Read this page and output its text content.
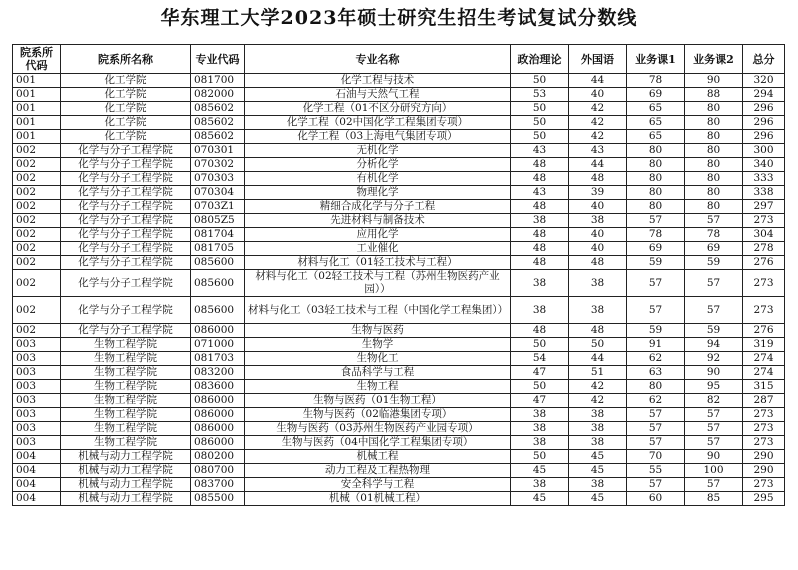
华东理工大学2023年硕士研究生招生考试复试分数线
院系所代码	院系所名称	专业代码	专业名称	政治理论	外国语	业务课1	业务课2	总分
001	化工学院	081700	化学工程与技术	50	44	78	90	320
001	化工学院	082000	石油与天然气工程	53	40	69	88	294
001	化工学院	085602	化学工程（01不区分研究方向）	50	42	65	80	296
001	化工学院	085602	化学工程（02中国化学工程集团专项）	50	42	65	80	296
001	化工学院	085602	化学工程（03上海电气集团专项）	50	42	65	80	296
002	化学与分子工程学院	070301	无机化学	43	43	80	80	300
002	化学与分子工程学院	070302	分析化学	48	44	80	80	340
002	化学与分子工程学院	070303	有机化学	48	48	80	80	333
002	化学与分子工程学院	070304	物理化学	43	39	80	80	338
002	化学与分子工程学院	0703Z1	精细合成化学与分子工程	48	40	80	80	297
002	化学与分子工程学院	0805Z5	先进材料与制备技术	38	38	57	57	273
002	化学与分子工程学院	081704	应用化学	48	40	78	78	304
002	化学与分子工程学院	081705	工业催化	48	40	69	69	278
002	化学与分子工程学院	085600	材料与化工（01轻工技术与工程）	48	48	59	59	276
002	化学与分子工程学院	085600	材料与化工（02轻工技术与工程（苏州生物医药产业园））	38	38	57	57	273
002	化学与分子工程学院	085600	材料与化工（03轻工技术与工程（中国化学工程集团））	38	38	57	57	273
002	化学与分子工程学院	086000	生物与医药	48	48	59	59	276
003	生物工程学院	071000	生物学	50	50	91	94	319
003	生物工程学院	081703	生物化工	54	44	62	92	274
003	生物工程学院	083200	食品科学与工程	47	51	63	90	274
003	生物工程学院	083600	生物工程	50	42	80	95	315
003	生物工程学院	086000	生物与医药（01生物工程）	47	42	62	82	287
003	生物工程学院	086000	生物与医药（02临港集团专项）	38	38	57	57	273
003	生物工程学院	086000	生物与医药（03苏州生物医药产业园专项）	38	38	57	57	273
003	生物工程学院	086000	生物与医药（04中国化学工程集团专项）	38	38	57	57	273
004	机械与动力工程学院	080200	机械工程	50	45	70	90	290
004	机械与动力工程学院	080700	动力工程及工程热物理	45	45	55	100	290
004	机械与动力工程学院	083700	安全科学与工程	38	38	57	57	273
004	机械与动力工程学院	085500	机械（01机械工程）	45	45	60	85	295
